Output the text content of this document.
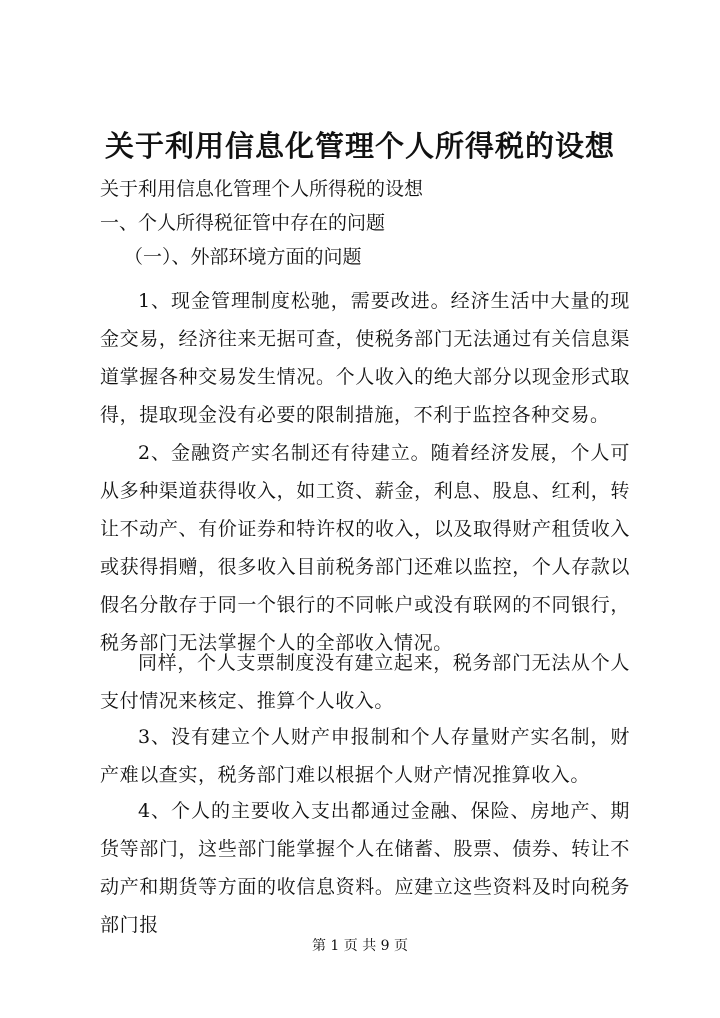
关于利用信息化管理个人所得税的设想
关于利用信息化管理个人所得税的设想
一、个人所得税征管中存在的问题
（一）、外部环境方面的问题

1、现金管理制度松驰，需要改进。经济生活中大量的现金交易，经济往来无据可查，使税务部门无法通过有关信息渠道掌握各种交易发生情况。个人收入的绝大部分以现金形式取得，提取现金没有必要的限制措施，不利于监控各种交易。

2、金融资产实名制还有待建立。随着经济发展，个人可从多种渠道获得收入，如工资、薪金，利息、股息、红利，转让不动产、有价证券和特许权的收入，以及取得财产租赁收入或获得捐赠，很多收入目前税务部门还难以监控，个人存款以假名分散存于同一个银行的不同帐户或没有联网的不同银行，税务部门无法掌握个人的全部收入情况。

同样，个人支票制度没有建立起来，税务部门无法从个人支付情况来核定、推算个人收入。

3、没有建立个人财产申报制和个人存量财产实名制，财产难以查实，税务部门难以根据个人财产情况推算收入。

4、个人的主要收入支出都通过金融、保险、房地产、期货等部门，这些部门能掌握个人在储蓄、股票、债券、转让不动产和期货等方面的收信息资料。应建立这些资料及时向税务部门报

第 1 页 共 9 页
